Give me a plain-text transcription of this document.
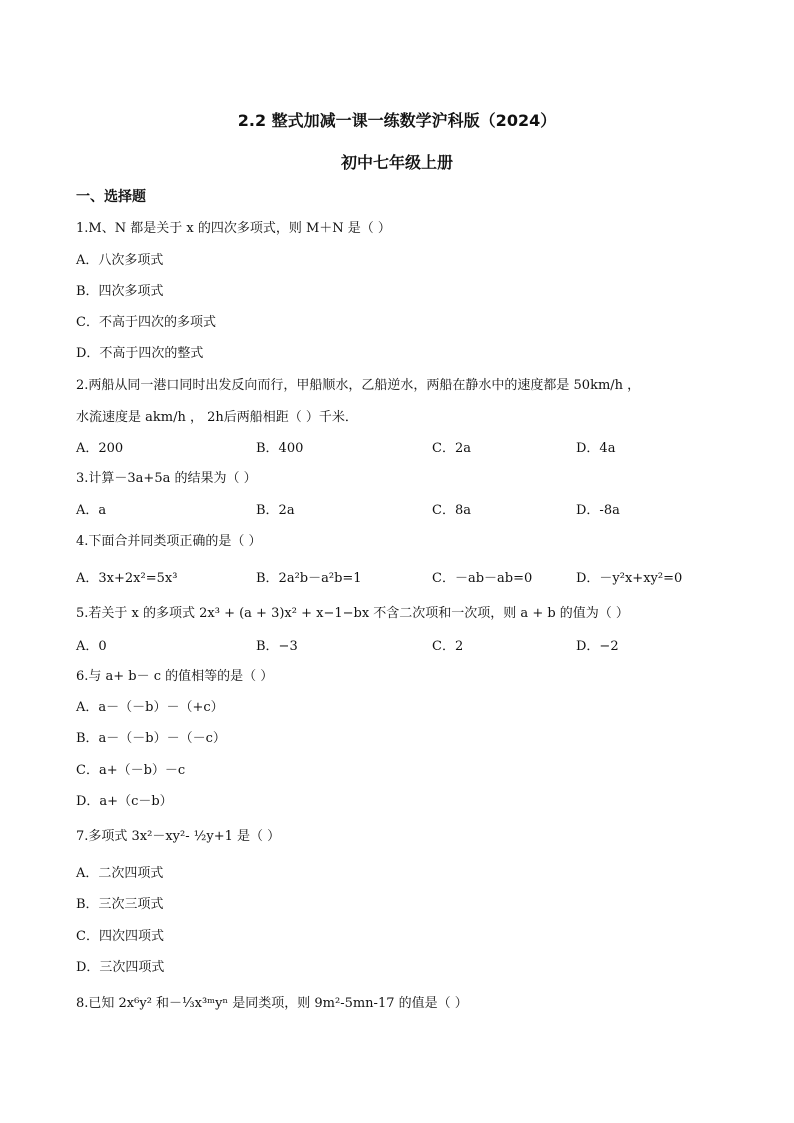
2.2 整式加减一课一练数学沪科版（2024）
初中七年级上册
一、选择题
1.M、N 都是关于 x 的四次多项式，则 M＋N 是（ ）
A．八次多项式
B．四次多项式
C．不高于四次的多项式
D．不高于四次的整式
2.两船从同一港口同时出发反向而行，甲船顺水，乙船逆水，两船在静水中的速度都是 50km/h ，
水流速度是 akm/h ， 2h后两船相距（ ）千米．
A．200	B．400	C．2a	D．4a
3.计算－3a+5a 的结果为（ ）
A．a	B．2a	C．8a	D．-8a
4.下面合并同类项正确的是（ ）
A．3x+2x²=5x³	B．2a²b－a²b=1	C．－ab－ab=0	D．－y²x+xy²=0
5.若关于 x 的多项式 2x³ + (a + 3)x² + x−1−bx 不含二次项和一次项，则 a + b 的值为（ ）
A．0	B．−3	C．2	D．−2
6.与 a+ b－ c 的值相等的是（ ）
A．a－（－b）－（+c）
B．a－（－b）－（－c）
C．a+（－b）－c
D．a+（c－b）
7.多项式 3x²－xy²- ½y+1 是（ ）
A．二次四项式
B．三次三项式
C．四次四项式
D．三次四项式
8.已知 2x⁶y² 和－⅓x³ᵐyⁿ 是同类项，则 9m²-5mn-17 的值是（ ）
